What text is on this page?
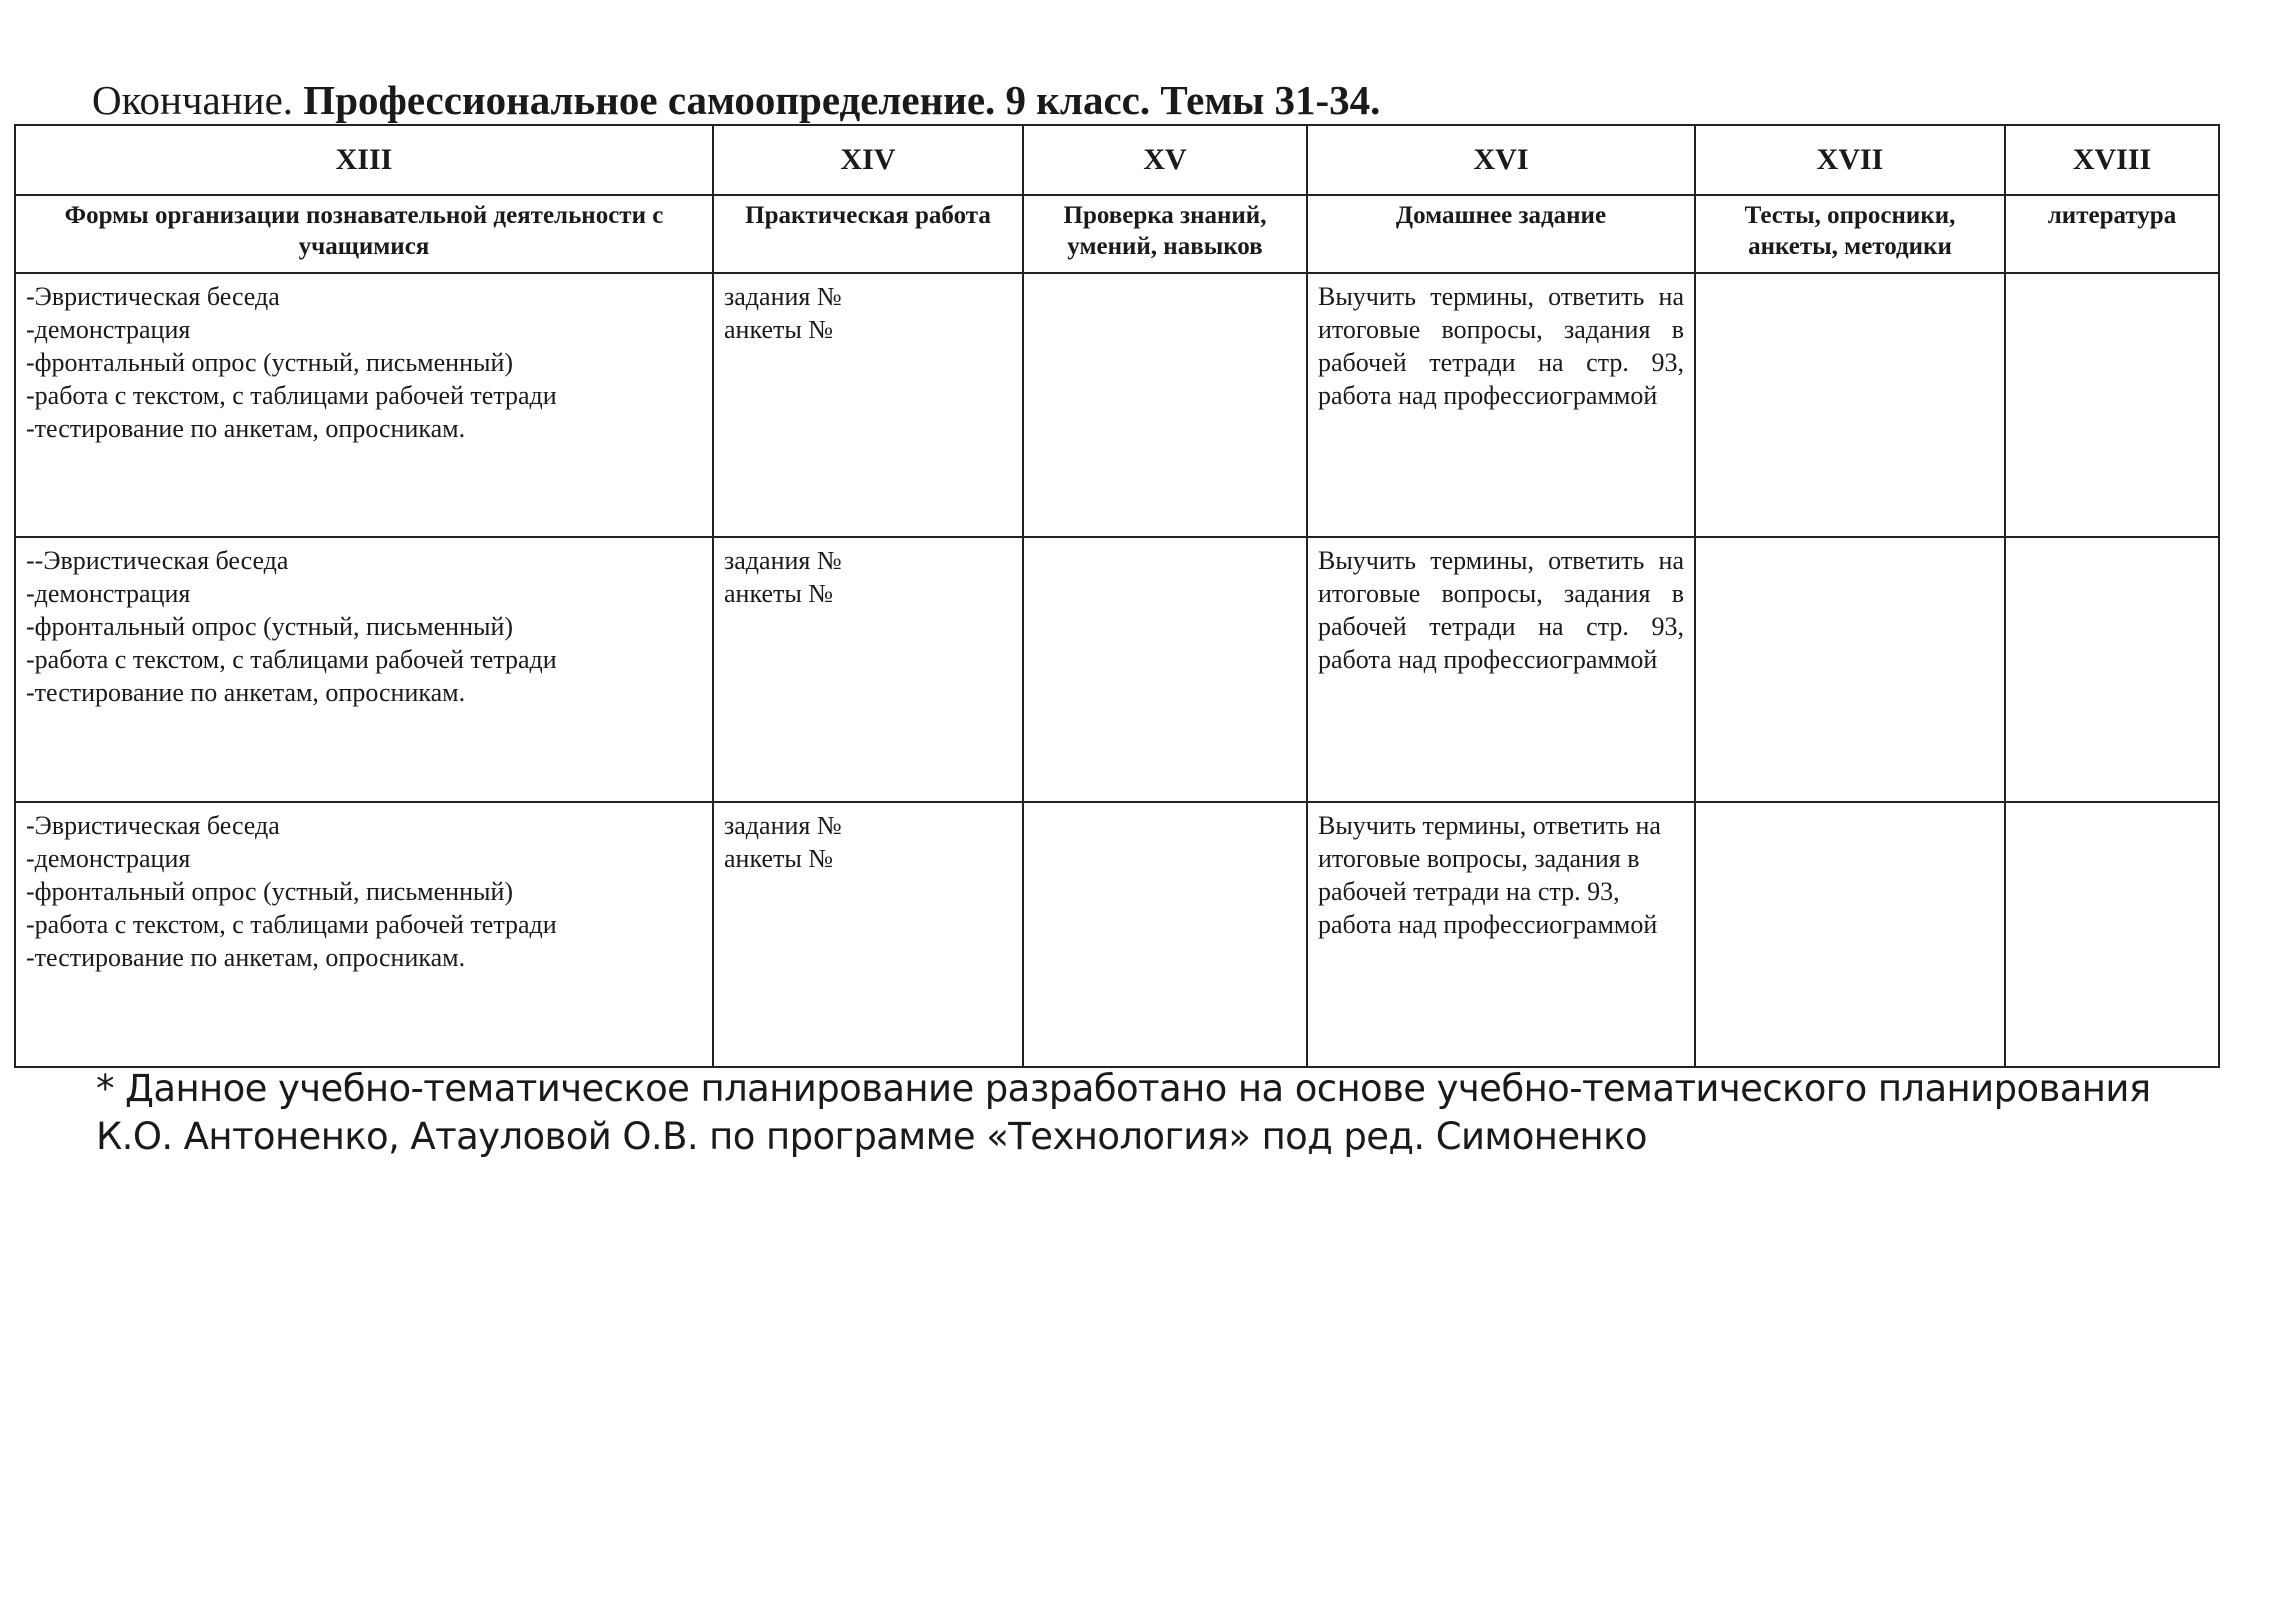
Окончание. Профессиональное самоопределение. 9 класс. Темы 31-34.
XIII	XIV	XV	XVI	XVII	XVIII
Формы организации познавательной деятельности с учащимися	Практическая работа	Проверка знаний, умений, навыков	Домашнее задание	Тесты, опросники, анкеты, методики	литература

-Эвристическая беседа
-демонстрация
-фронтальный опрос (устный, письменный)
-работа с текстом, с таблицами рабочей тетради
-тестирование по анкетам, опросникам.	задания №
анкеты №		Выучить термины, ответить на итоговые вопросы, задания в рабочей тетради на стр. 93, работа над профессиограммой		

--Эвристическая беседа
-демонстрация
-фронтальный опрос (устный, письменный)
-работа с текстом, с таблицами рабочей тетради
-тестирование по анкетам, опросникам.	задания №
анкеты №		Выучить термины, ответить на итоговые вопросы, задания в рабочей тетради на стр. 93, работа над профессиограммой		

-Эвристическая беседа
-демонстрация
-фронтальный опрос (устный, письменный)
-работа с текстом, с таблицами рабочей тетради
-тестирование по анкетам, опросникам.	задания №
анкеты №		Выучить термины, ответить на итоговые вопросы, задания в рабочей тетради на стр. 93, работа над профессиограммой		
* Данное учебно-тематическое планирование разработано на основе учебно-тематического планирования К.О. Антоненко, Атауловой О.В. по программе «Технология» под ред. Симоненко
